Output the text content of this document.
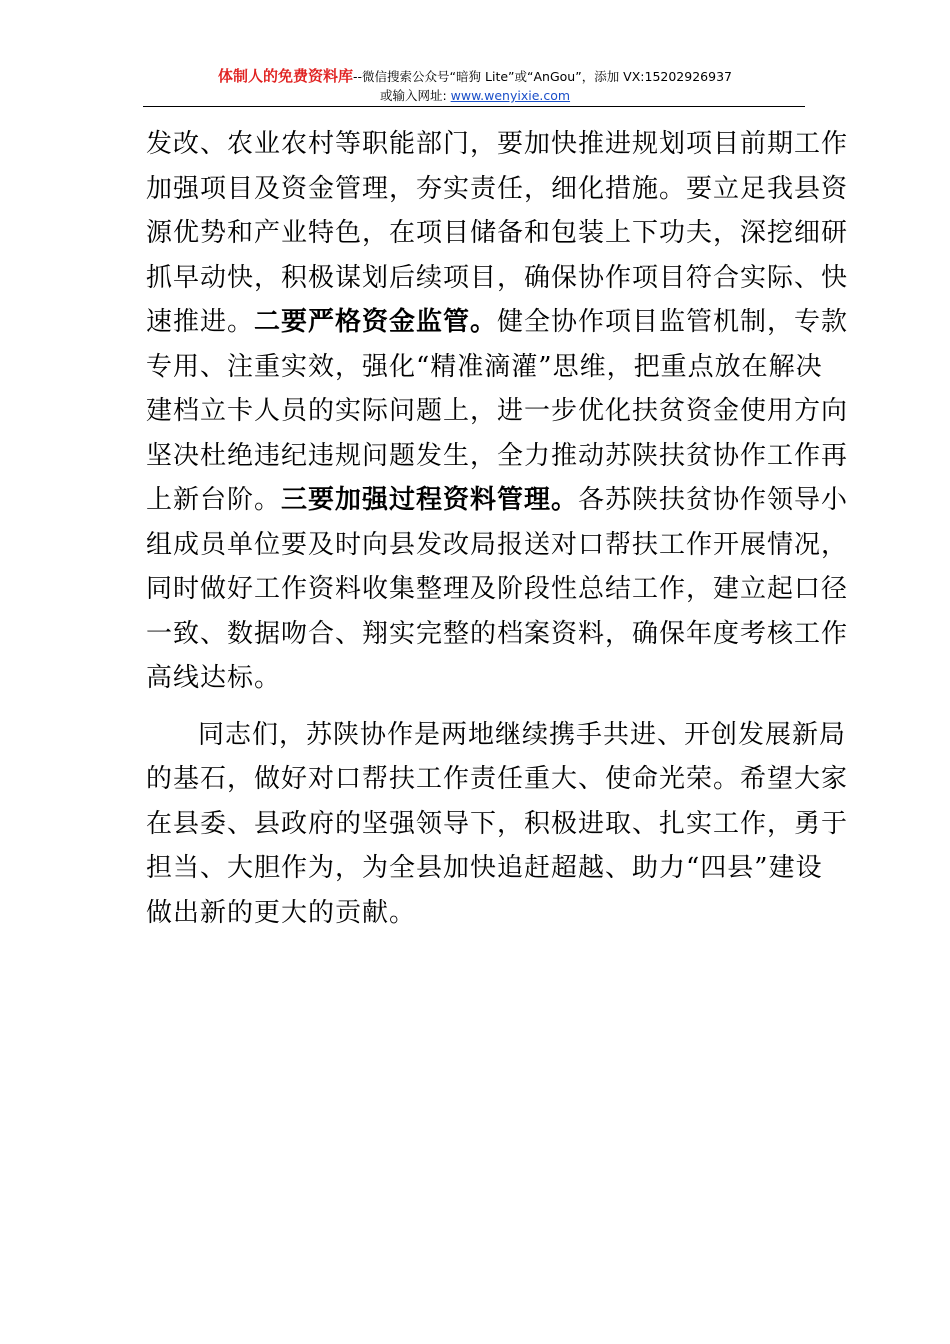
体制人的免费资料库--微信搜索公众号“暗狗 Lite”或“AnGou”，添加 VX:15202926937
或输入网址: www.wenyixie.com
发改、农业农村等职能部门，要加快推进规划项目前期工作
加强项目及资金管理，夯实责任，细化措施。要立足我县资
源优势和产业特色，在项目储备和包装上下功夫，深挖细研
抓早动快，积极谋划后续项目，确保协作项目符合实际、快
速推进。二要严格资金监管。健全协作项目监管机制，专款
专用、注重实效，强化“精准滴灌”思维，把重点放在解决
建档立卡人员的实际问题上，进一步优化扶贫资金使用方向
坚决杜绝违纪违规问题发生，全力推动苏陕扶贫协作工作再
上新台阶。三要加强过程资料管理。各苏陕扶贫协作领导小
组成员单位要及时向县发改局报送对口帮扶工作开展情况，
同时做好工作资料收集整理及阶段性总结工作，建立起口径
一致、数据吻合、翔实完整的档案资料，确保年度考核工作
高线达标。
同志们，苏陕协作是两地继续携手共进、开创发展新局
的基石，做好对口帮扶工作责任重大、使命光荣。希望大家
在县委、县政府的坚强领导下，积极进取、扎实工作，勇于
担当、大胆作为，为全县加快追赶超越、助力“四县”建设
做出新的更大的贡献。
